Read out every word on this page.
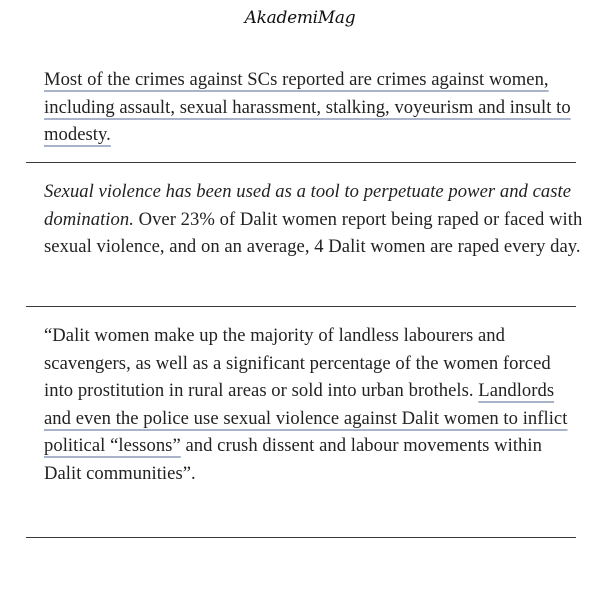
AkademiMag

Most of the crimes against SCs reported are crimes against women, including assault, sexual harassment, stalking, voyeurism and insult to modesty.

Sexual violence has been used as a tool to perpetuate power and caste domination. Over 23% of Dalit women report being raped or faced with sexual violence, and on an average, 4 Dalit women are raped every day.

“Dalit women make up the majority of landless labourers and scavengers, as well as a significant percentage of the women forced into prostitution in rural areas or sold into urban brothels. Landlords and even the police use sexual violence against Dalit women to inflict political “lessons” and crush dissent and labour movements within Dalit communities”.
